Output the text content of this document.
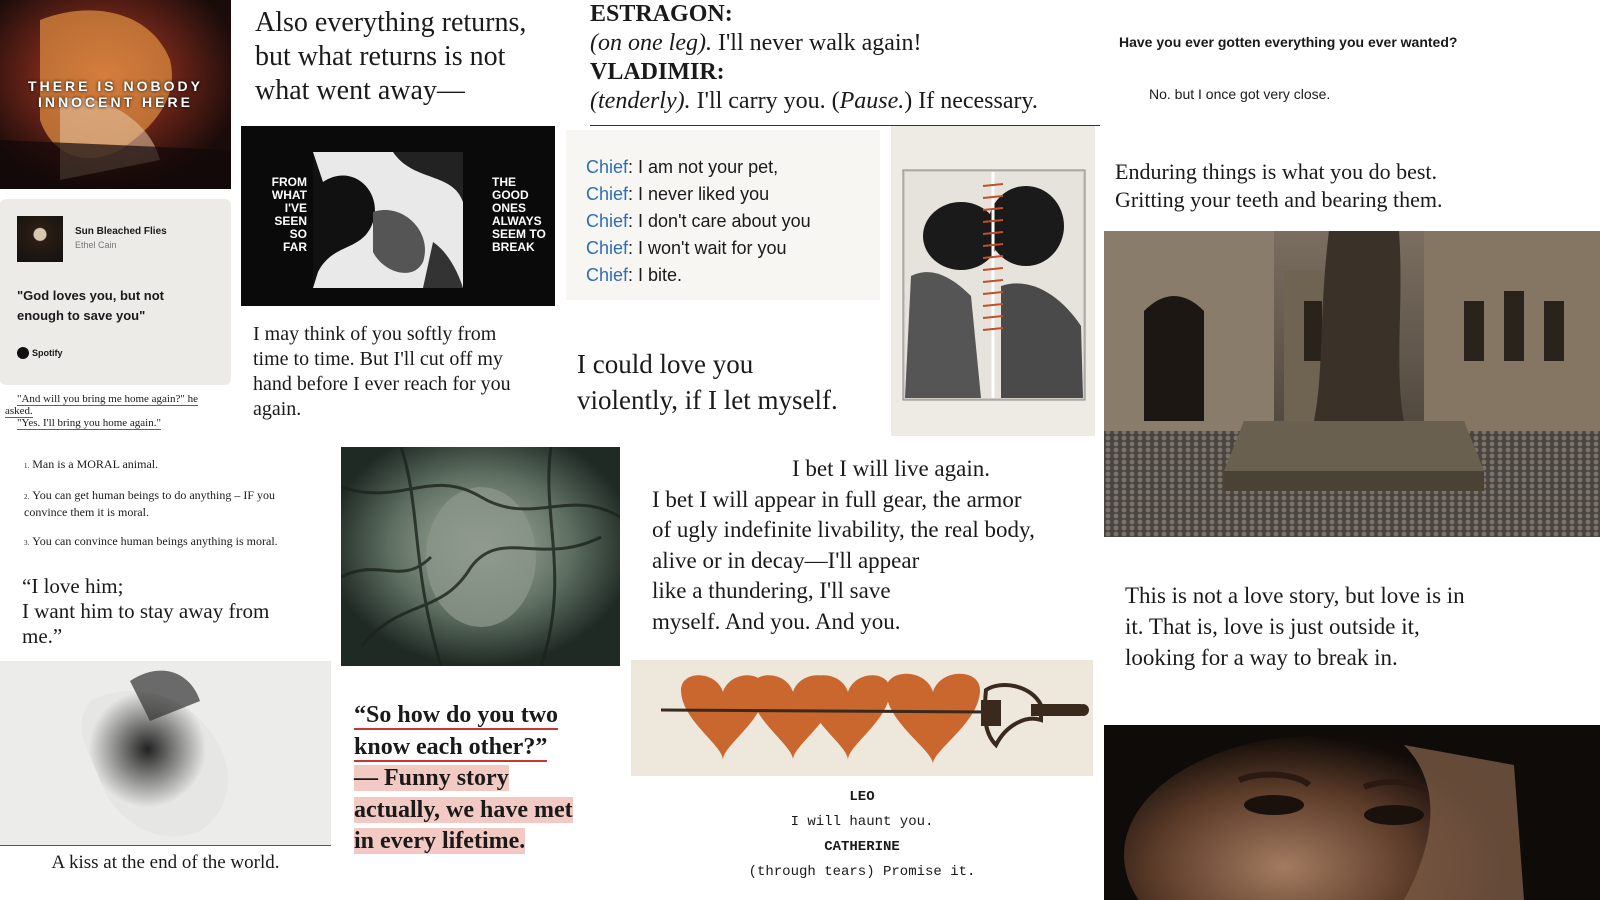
THERE IS NOBODY
INNOCENT HERE
Also everything returns,
but what returns is not
what went away—
ESTRAGON:
(on one leg). I'll never walk again!
VLADIMIR:
(tenderly). I'll carry you. (Pause.) If necessary.
Have you ever gotten everything you ever wanted?
No. but I once got very close.
Sun Bleached Flies
Ethel Cain
"God loves you, but not enough to save you"
Spotify
FROM
WHAT
I'VE
SEEN
SO
FAR
THE
GOOD
ONES
ALWAYS
SEEM TO
BREAK
Chief: I am not your pet,
Chief: I never liked you
Chief: I don't care about you
Chief: I won't wait for you
Chief: I bite.
Enduring things is what you do best.
Gritting your teeth and bearing them.
I may think of you softly from
time to time. But I'll cut off my
hand before I ever reach for you
again.
I could love you
violently, if I let myself.
"And will you bring me home again?" he
asked.
"Yes. I'll bring you home again."
1. Man is a MORAL animal.
2. You can get human beings to do anything – IF you convince them it is moral.
3. You can convince human beings anything is moral.
“I love him;
I want him to stay away from
me.”
I bet I will live again.
I bet I will appear in full gear, the armor
of ugly indefinite livability, the real body,
alive or in decay—I'll appear
like a thundering, I'll save
myself. And you. And you.
This is not a love story, but love is in
it. That is, love is just outside it,
looking for a way to break in.
A kiss at the end of the world.
“So how do you two
know each other?”
— Funny story
actually, we have met
in every lifetime.
LEO
I will haunt you.
CATHERINE
(through tears) Promise it.
